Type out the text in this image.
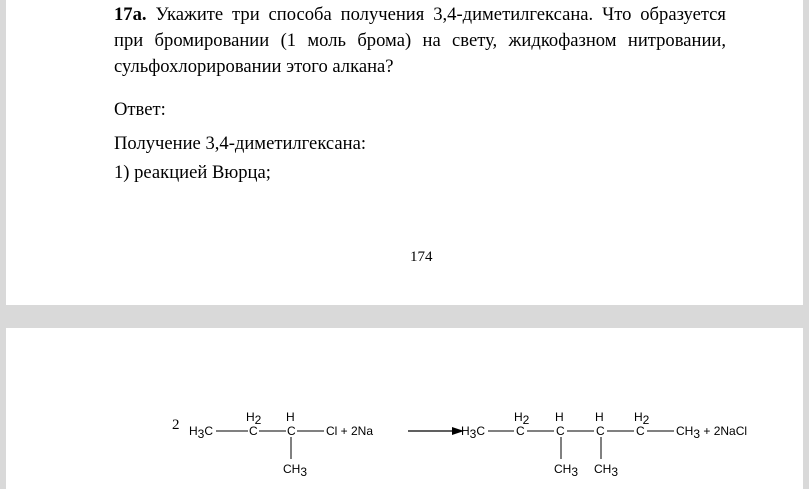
17а. Укажите три способа получения 3,4-диметилгексана. Что образуется при бромировании (1 моль брома) на свету, жидкофазном нитровании, сульфохлорировании этого алкана?
Ответ:
Получение 3,4-диметилгексана:
1) реакцией Вюрца;
174
2 H3C
H2
C
H
C	Cl + 2Na
CH3
H3C
H2
C
H
C
H
C
H2
C	CH3 + 2NaCl
CH3 CH3
